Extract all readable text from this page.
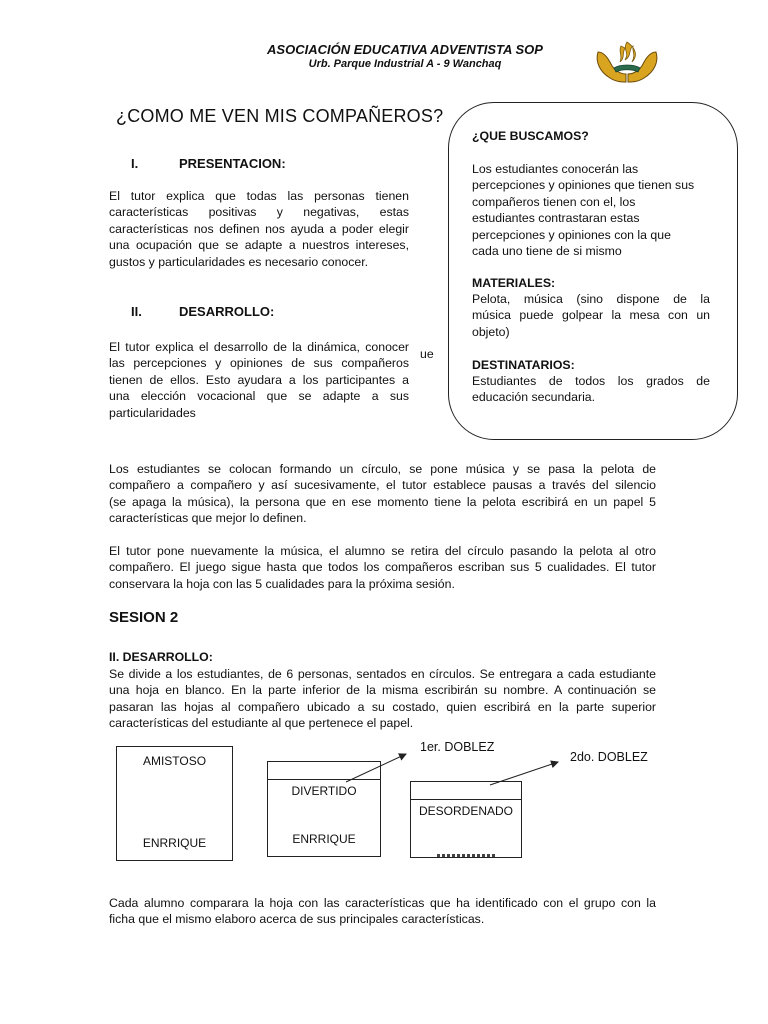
ASOCIACIÓN EDUCATIVA ADVENTISTA SOP
Urb. Parque Industrial A - 9 Wanchaq
¿COMO ME VEN MIS COMPAÑEROS?
I.	PRESENTACION:
El tutor explica que todas las personas tienen
características positivas y negativas, estas
características nos definen nos ayuda a poder elegir
una ocupación que se adapte a nuestros intereses,
gustos y particularidades es necesario conocer.
II.	DESARROLLO:
El tutor explica el desarrollo de la dinámica, conocer
las percepciones y opiniones de sus compañeros
tienen de ellos. Esto ayudara a los participantes a
una elección vocacional que se adapte a sus
particularidades
ue
¿QUE BUSCAMOS?
Los estudiantes conocerán las
percepciones y opiniones que tienen sus
compañeros tienen con el, los
estudiantes contrastaran estas
percepciones y opiniones con la que
cada uno tiene de si mismo
MATERIALES:
Pelota, música (sino dispone de la
música puede golpear la mesa con un
objeto)
DESTINATARIOS:
Estudiantes de todos los grados de
educación secundaria.
Los estudiantes se colocan formando un círculo, se pone música y se pasa la pelota de
compañero a compañero y así sucesivamente, el tutor establece pausas a través del silencio
(se apaga la música), la persona que en ese momento tiene la pelota escribirá en un papel 5
características que mejor lo definen.
El tutor pone nuevamente la música, el alumno se retira del círculo pasando la pelota al otro
compañero. El juego sigue hasta que todos los compañeros escriban sus 5 cualidades. El tutor
conservara la hoja con las 5 cualidades para la próxima sesión.
SESION 2
II. DESARROLLO:
Se divide a los estudiantes, de 6 personas, sentados en círculos. Se entregara a cada estudiante
una hoja en blanco. En la parte inferior de la misma escribirán su nombre. A continuación se
pasaran las hojas al compañero ubicado a su costado, quien escribirá en la parte superior
características del estudiante al que pertenece el papel.
AMISTOSO
ENRRIQUE
DIVERTIDO
ENRRIQUE
DESORDENADO
1er. DOBLEZ
2do. DOBLEZ
Cada alumno comparara la hoja con las características que ha identificado con el grupo con la
ficha que el mismo elaboro acerca de sus principales características.
